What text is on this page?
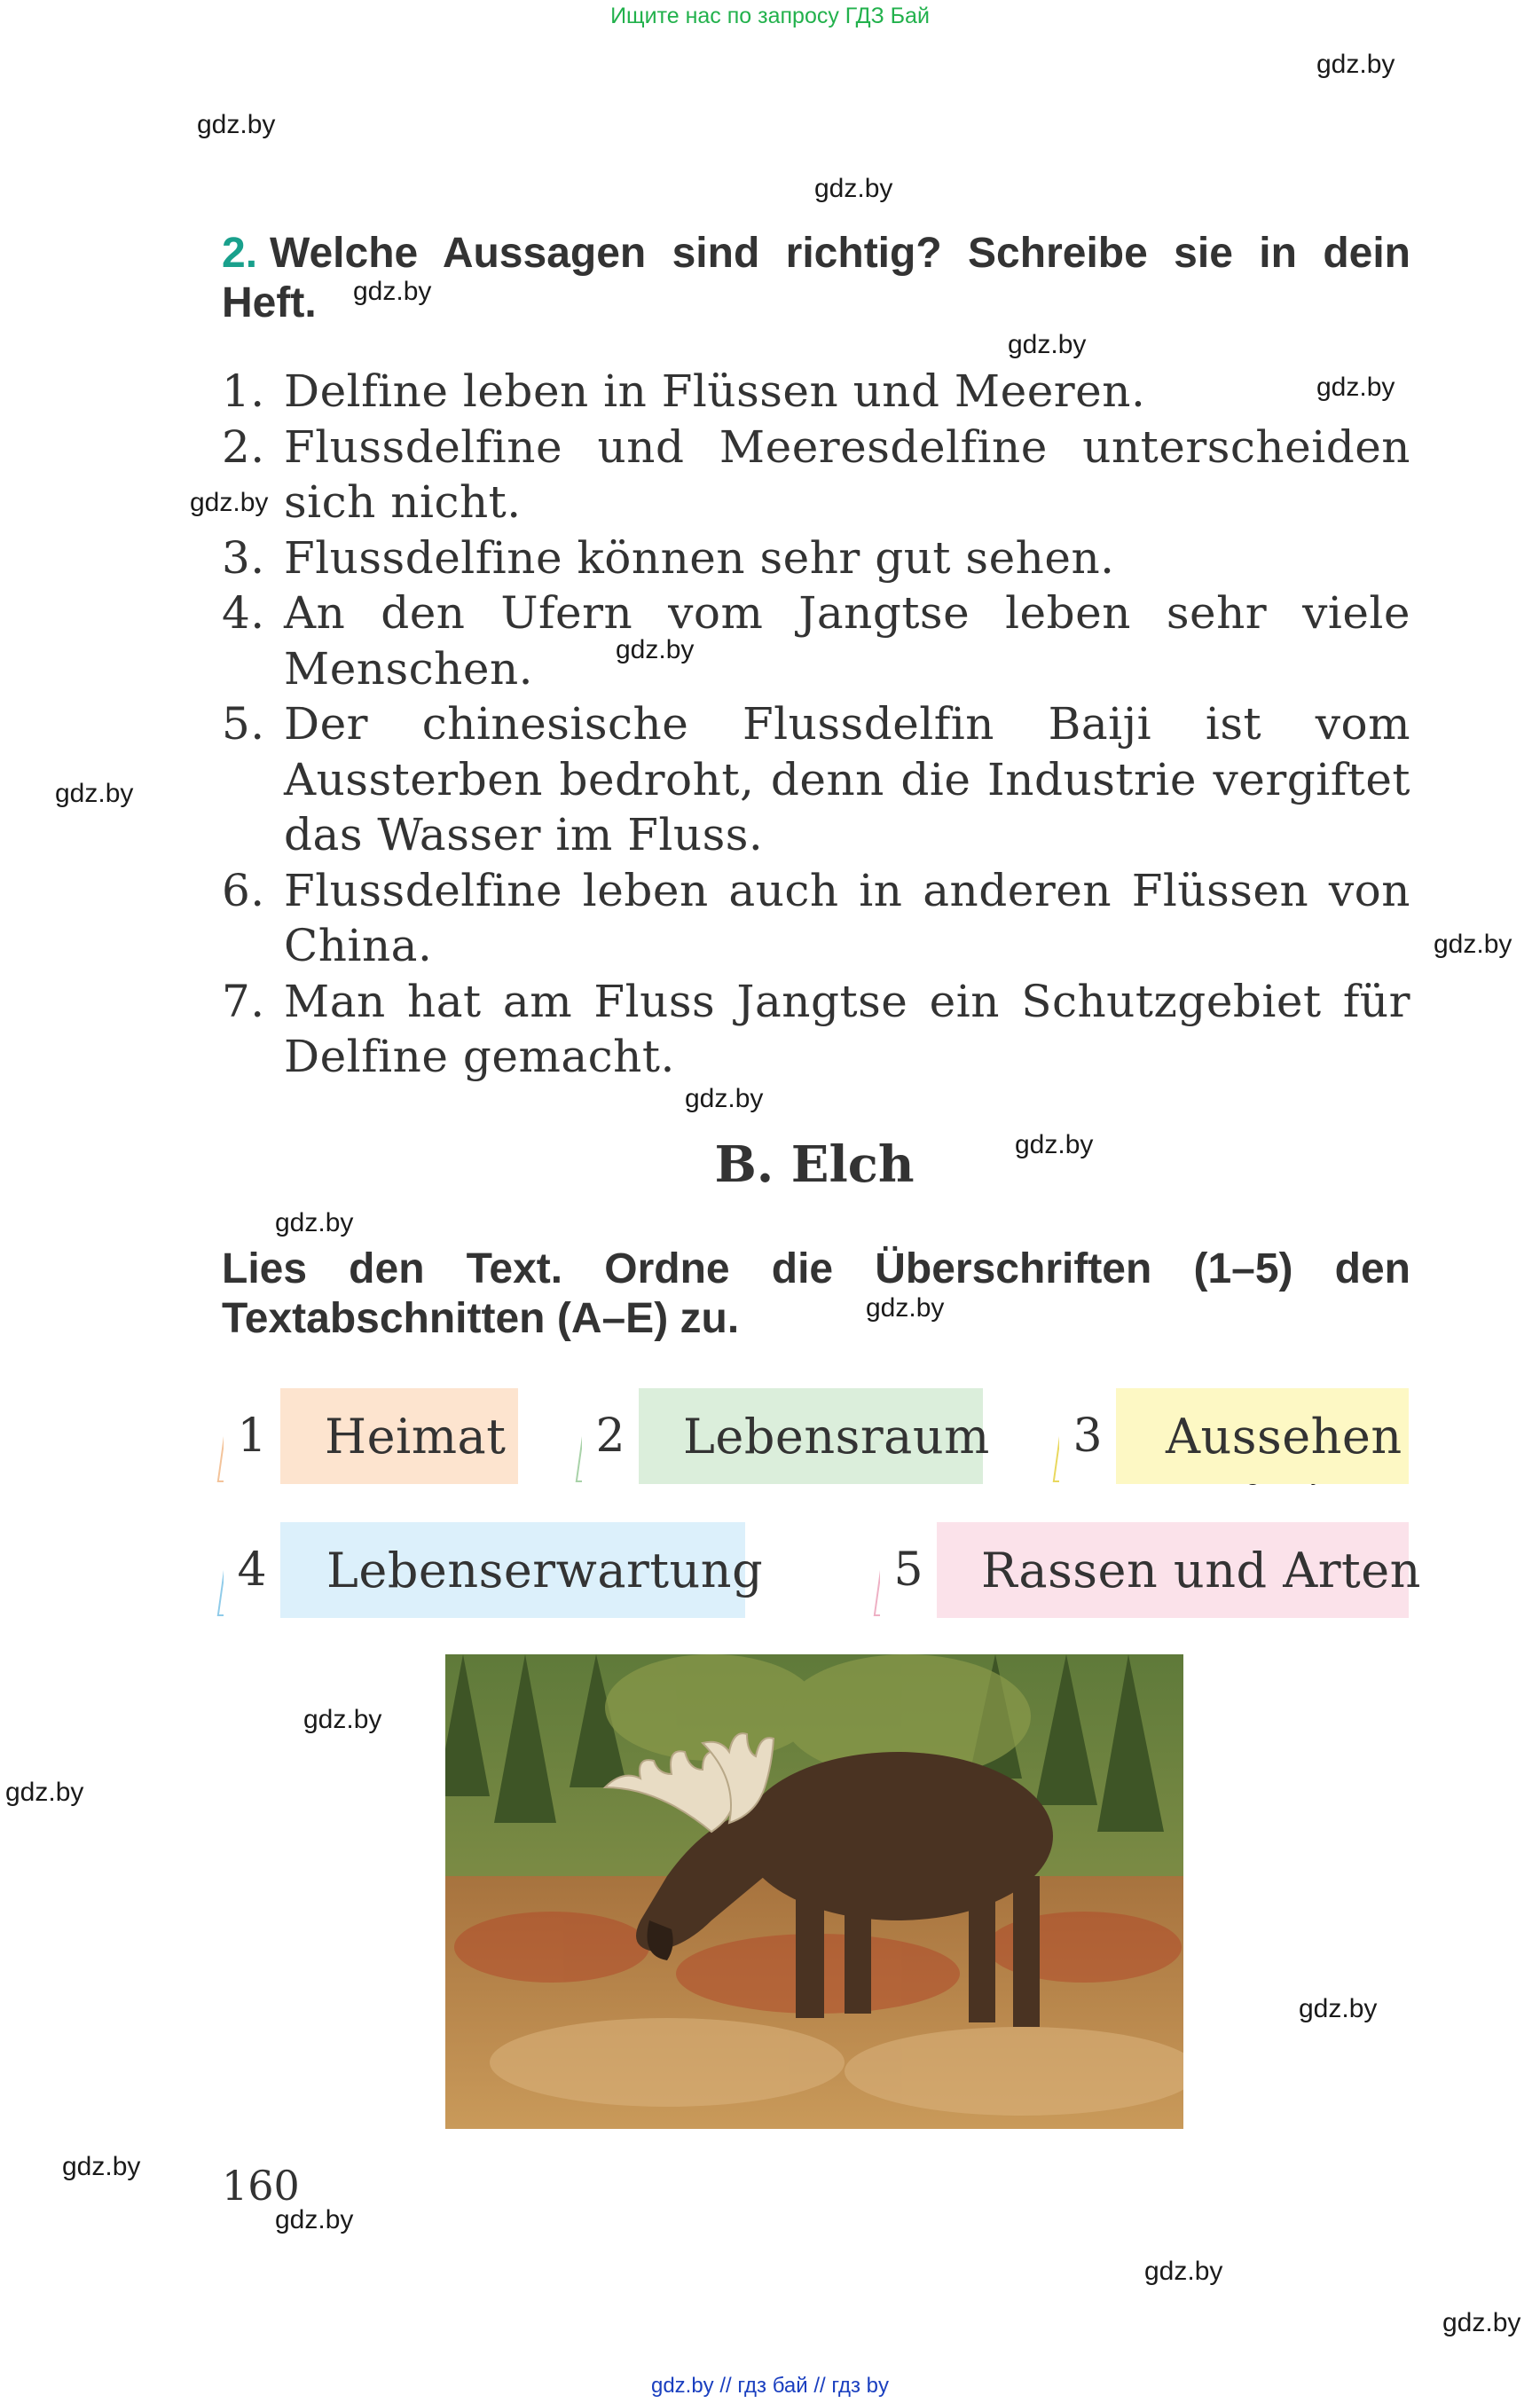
Ищите нас по запросу ГДЗ Бай
gdz.by
gdz.by
gdz.by
gdz.by
gdz.by
gdz.by
gdz.by
gdz.by
gdz.by
gdz.by
gdz.by
gdz.by
gdz.by
gdz.by
gdz.by
gdz.by
gdz.by
gdz.by
gdz.by
gdz.by
gdz.by
2. Welche Aussagen sind richtig? Schreibe sie in dein Heft.
1. Delfine leben in Flüssen und Meeren.
2. Flussdelfine und Meeresdelfine unterscheiden sich nicht.
3. Flussdelfine können sehr gut sehen.
4. An den Ufern vom Jangtse leben sehr viele Menschen.
5. Der chinesische Flussdelfin Baiji ist vom Aussterben bedroht, denn die Industrie vergiftet das Wasser im Fluss.
6. Flussdelfine leben auch in anderen Flüssen von China.
7. Man hat am Fluss Jangtse ein Schutzgebiet für Delfine gemacht.
B. Elch
Lies den Text. Ordne die Überschriften (1–5) den Textabschnitten (A–E) zu.
1 Heimat 2 Lebensraum 3 Aussehen
4 Lebenserwartung	5 Rassen und Arten
160
gdz.by // гдз бай // гдз by
